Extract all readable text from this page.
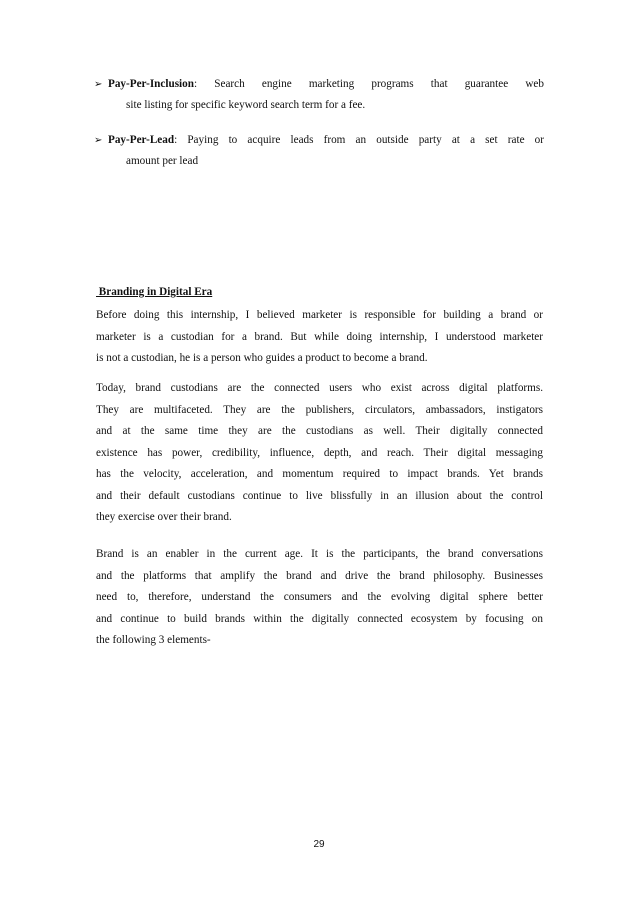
➢ Pay-Per-Inclusion: Search engine marketing programs that guarantee web
site listing for specific keyword search term for a fee.
➢ Pay-Per-Lead: Paying to acquire leads from an outside party at a set rate or
amount per lead
Branding in Digital Era
Before doing this internship, I believed marketer is responsible for building a brand or
marketer is a custodian for a brand. But while doing internship, I understood marketer
is not a custodian, he is a person who guides a product to become a brand.
Today, brand custodians are the connected users who exist across digital platforms.
They are multifaceted. They are the publishers, circulators, ambassadors, instigators
and at the same time they are the custodians as well. Their digitally connected
existence has power, credibility, influence, depth, and reach. Their digital messaging
has the velocity, acceleration, and momentum required to impact brands. Yet brands
and their default custodians continue to live blissfully in an illusion about the control
they exercise over their brand.
Brand is an enabler in the current age. It is the participants, the brand conversations
and the platforms that amplify the brand and drive the brand philosophy. Businesses
need to, therefore, understand the consumers and the evolving digital sphere better
and continue to build brands within the digitally connected ecosystem by focusing on
the following 3 elements-
29
